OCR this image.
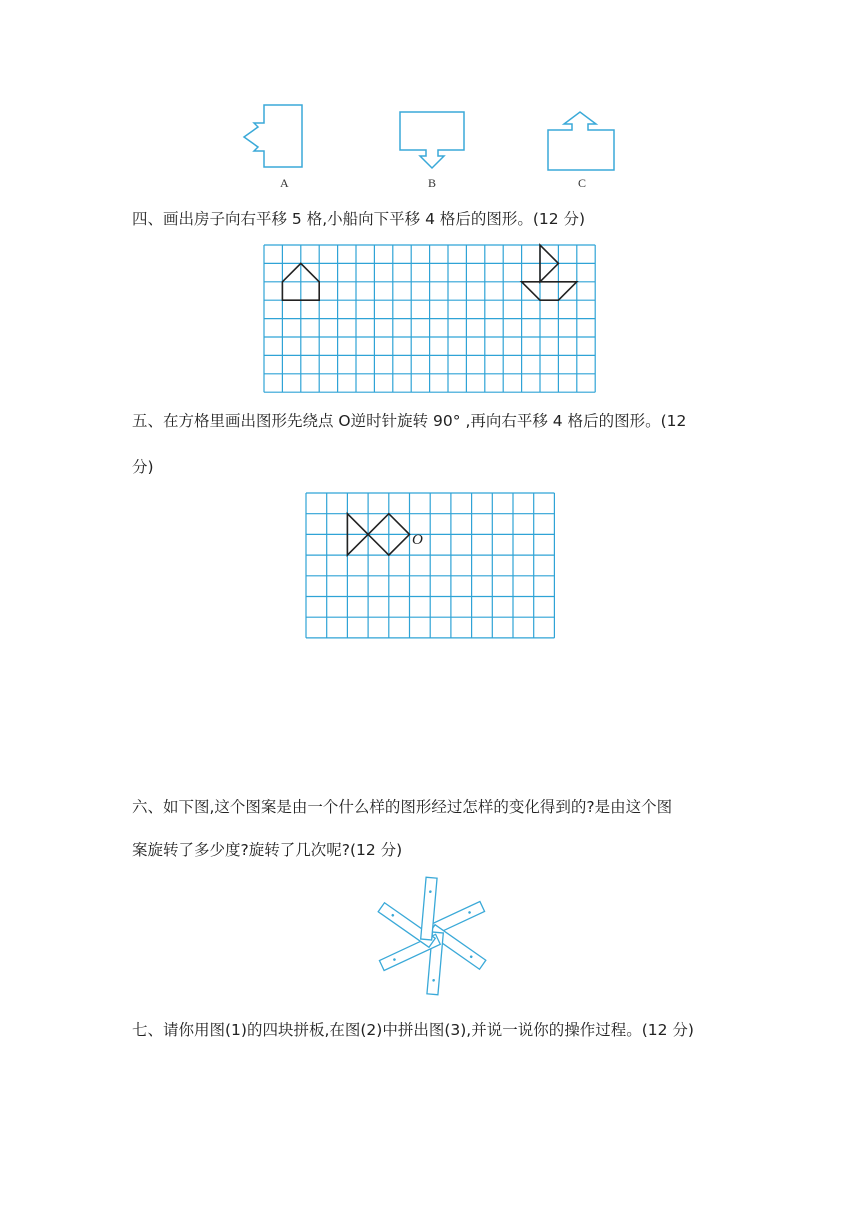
A	B	C
四、画出房子向右平移 5 格,小船向下平移 4 格后的图形。(12 分)
五、在方格里画出图形先绕点 O逆时针旋转 90° ,再向右平移 4 格后的图形。(12
分)
O
六、如下图,这个图案是由一个什么样的图形经过怎样的变化得到的?是由这个图
案旋转了多少度?旋转了几次呢?(12 分)
七、请你用图(1)的四块拼板,在图(2)中拼出图(3),并说一说你的操作过程。(12 分)
